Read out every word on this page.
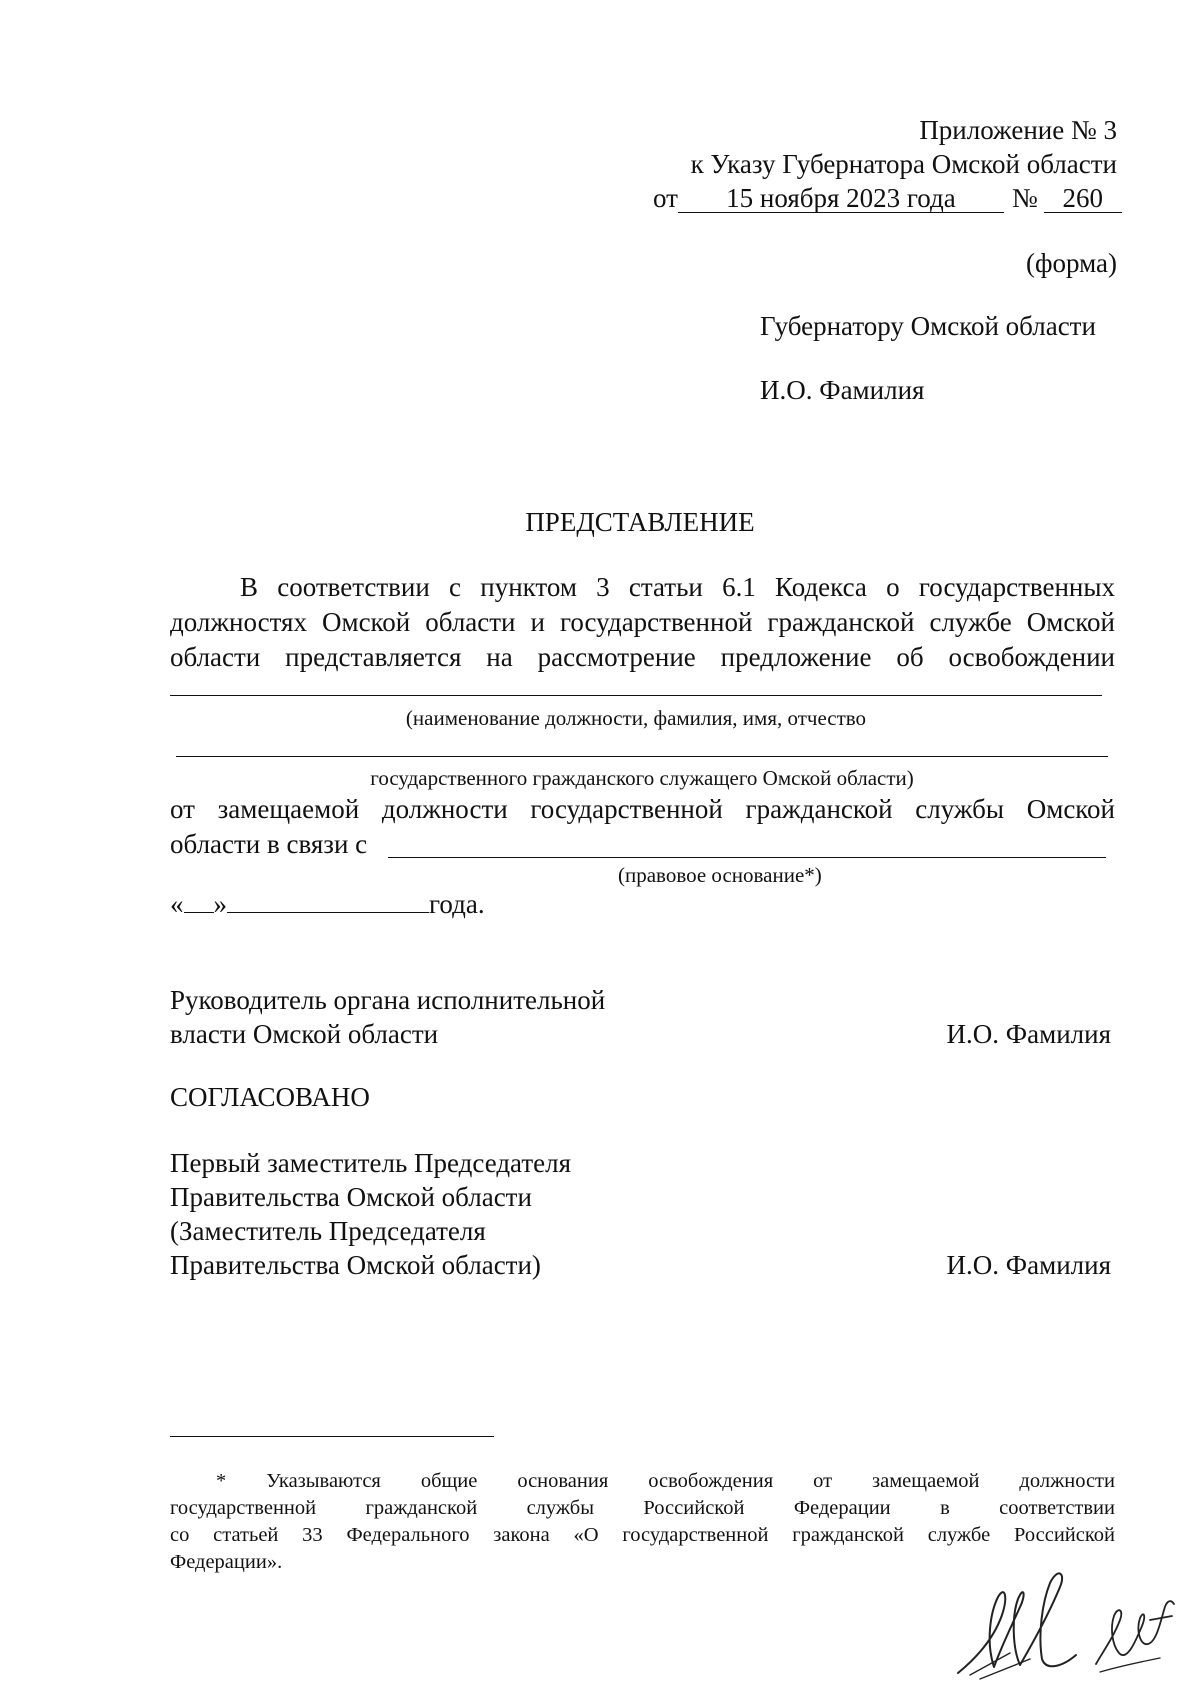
Приложение № 3
к Указу Губернатора Омской области
от 15 ноября 2023 года № 260
(форма)
Губернатору Омской области
И.О. Фамилия
ПРЕДСТАВЛЕНИЕ
В соответствии с пунктом 3 статьи 6.1 Кодекса о государственных
должностях Омской области и государственной гражданской службе Омской
области представляется на рассмотрение предложение об освобождении
(наименование должности, фамилия, имя, отчество
государственного гражданского служащего Омской области)
от замещаемой должности государственной гражданской службы Омской
области в связи с
(правовое основание*)
« »	года.
Руководитель органа исполнительной
власти Омской области	И.О. Фамилия
СОГЛАСОВАНО
Первый заместитель Председателя
Правительства Омской области
(Заместитель Председателя
Правительства Омской области)	И.О. Фамилия
* Указываются общие основания освобождения от замещаемой должности
государственной гражданской службы Российской Федерации в соответствии
со статьей 33 Федерального закона «О государственной гражданской службе Российской
Федерации».
